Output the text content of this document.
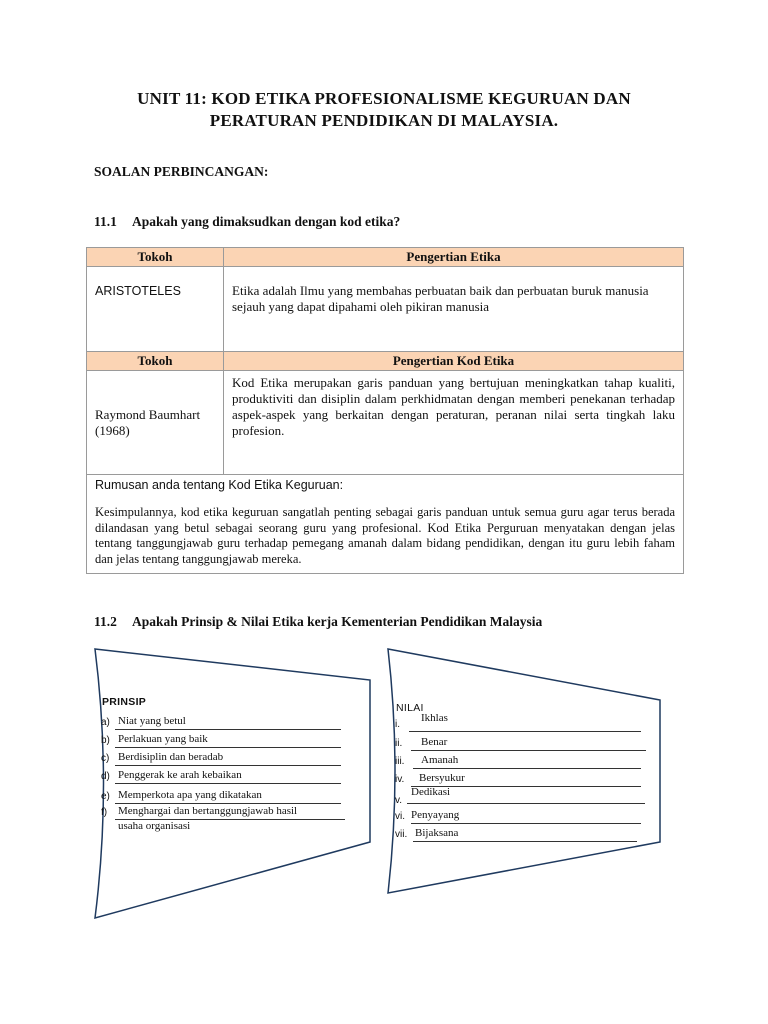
UNIT 11: KOD ETIKA PROFESIONALISME KEGURUAN DAN
PERATURAN PENDIDIKAN DI MALAYSIA.
SOALAN PERBINCANGAN:
11.1 Apakah yang dimaksudkan dengan kod etika?
Tokoh	Pengertian Etika
ARISTOTELES	Etika adalah Ilmu yang membahas perbuatan baik dan perbuatan buruk manusia sejauh yang dapat dipahami oleh pikiran manusia
Tokoh	Pengertian Kod Etika
Raymond Baumhart (1968)	Kod Etika merupakan garis panduan yang bertujuan meningkatkan tahap kualiti, produktiviti dan disiplin dalam perkhidmatan dengan memberi penekanan terhadap aspek-aspek yang berkaitan dengan peraturan, peranan nilai serta tingkah laku profesion.

Rumusan anda tentang Kod Etika Keguruan:
Kesimpulannya, kod etika keguruan sangatlah penting sebagai garis panduan untuk semua guru agar terus berada dilandasan yang betul sebagai seorang guru yang profesional. Kod Etika Perguruan menyatakan dengan jelas tentang tanggungjawab guru terhadap pemegang amanah dalam bidang pendidikan, dengan itu guru lebih faham dan jelas tentang tanggungjawab mereka.	
11.2 Apakah Prinsip & Nilai Etika kerja Kementerian Pendidikan Malaysia
PRINSIP	NILAI
a) Niat yang betul
b) Perlakuan yang baik
c) Berdisiplin dan beradab
d) Penggerak ke arah kebaikan
e) Memperkota apa yang dikatakan
f) Menghargai dan bertanggungjawab hasil
usaha organisasi
i.
Ikhlas
ii. Benar
iii. Amanah
iv. Bersyukur
v.
Dedikasi
vi. Penyayang
vii. Bijaksana
